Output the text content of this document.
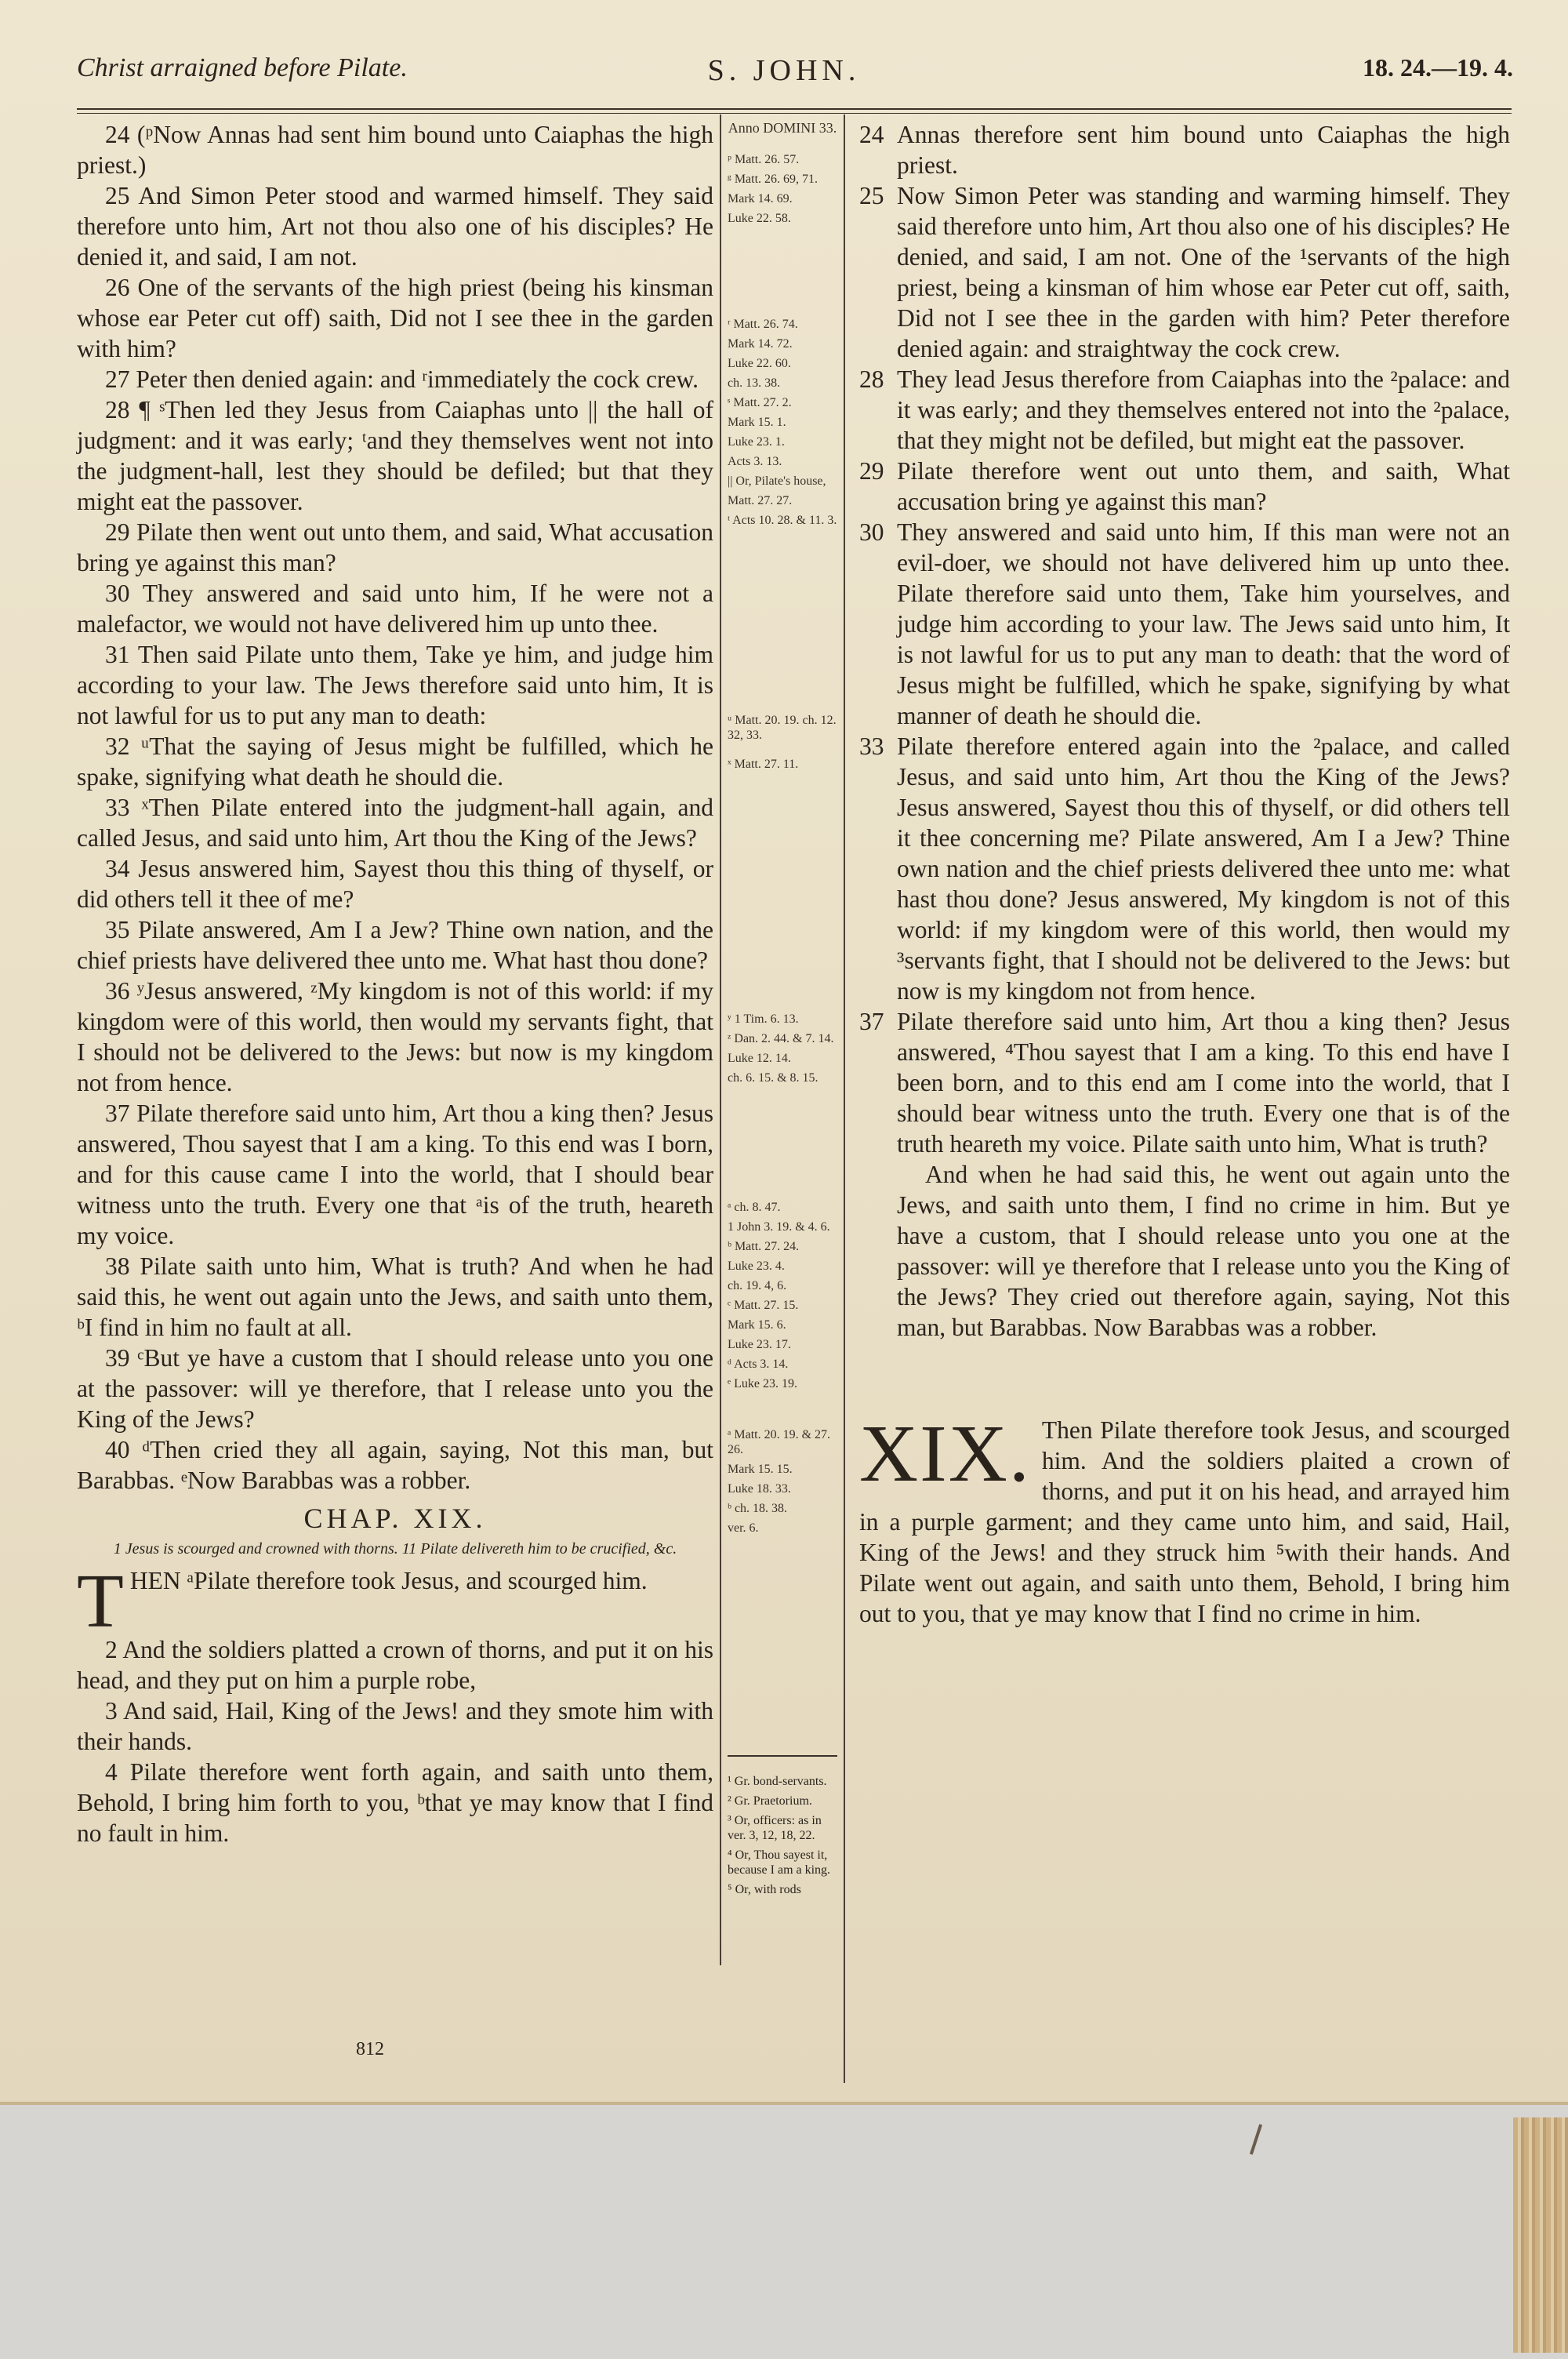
Christ arraigned before Pilate.	S. JOHN.	18. 24.—19. 4.

24 (ᵖNow Annas had sent him bound unto Caiaphas the high priest.)

25 And Simon Peter stood and warmed himself. They said therefore unto him, Art not thou also one of his disciples? He denied it, and said, I am not.

26 One of the servants of the high priest (being his kinsman whose ear Peter cut off) saith, Did not I see thee in the garden with him?

27 Peter then denied again: and ʳimmediately the cock crew.

28 ¶ ˢThen led they Jesus from Caiaphas unto || the hall of judgment: and it was early; ᵗand they themselves went not into the judgment-hall, lest they should be defiled; but that they might eat the passover.

29 Pilate then went out unto them, and said, What accusation bring ye against this man?

30 They answered and said unto him, If he were not a malefactor, we would not have delivered him up unto thee.

31 Then said Pilate unto them, Take ye him, and judge him according to your law. The Jews therefore said unto him, It is not lawful for us to put any man to death:

32 ᵘThat the saying of Jesus might be fulfilled, which he spake, signifying what death he should die.

33 ˣThen Pilate entered into the judgment-hall again, and called Jesus, and said unto him, Art thou the King of the Jews?

34 Jesus answered him, Sayest thou this thing of thyself, or did others tell it thee of me?

35 Pilate answered, Am I a Jew? Thine own nation, and the chief priests have delivered thee unto me. What hast thou done?

36 ʸJesus answered, ᶻMy kingdom is not of this world: if my kingdom were of this world, then would my servants fight, that I should not be delivered to the Jews: but now is my kingdom not from hence.

37 Pilate therefore said unto him, Art thou a king then? Jesus answered, Thou sayest that I am a king. To this end was I born, and for this cause came I into the world, that I should bear witness unto the truth. Every one that ᵃis of the truth, heareth my voice.

38 Pilate saith unto him, What is truth? And when he had said this, he went out again unto the Jews, and saith unto them, ᵇI find in him no fault at all.

39 ᶜBut ye have a custom that I should release unto you one at the passover: will ye therefore, that I release unto you the King of the Jews?

40 ᵈThen cried they all again, saying, Not this man, but Barabbas. ᵉNow Barabbas was a robber.

CHAP. XIX.
1 Jesus is scourged and crowned with thorns. 11 Pilate delivereth him to be crucified, &c.
T HEN ᵃPilate therefore took Jesus, and scourged him.

2 And the soldiers platted a crown of thorns, and put it on his head, and they put on him a purple robe,

3 And said, Hail, King of the Jews! and they smote him with their hands.

4 Pilate therefore went forth again, and saith unto them, Behold, I bring him forth to you, ᵇthat ye may know that I find no fault in him.

Anno DOMINI 33.
ᵖ Matt. 26. 57.
ᵍ Matt. 26. 69, 71.
Mark 14. 69.
Luke 22. 58.
ʳ Matt. 26. 74.
Mark 14. 72.
Luke 22. 60.
ch. 13. 38.
ˢ Matt. 27. 2.
Mark 15. 1.
Luke 23. 1.
Acts 3. 13.
|| Or, Pilate's house,
Matt. 27. 27.
ᵗ Acts 10. 28. & 11. 3.
ᵘ Matt. 20. 19. ch. 12. 32, 33.
ˣ Matt. 27. 11.
ʸ 1 Tim. 6. 13.
ᶻ Dan. 2. 44. & 7. 14.
Luke 12. 14.
ch. 6. 15. & 8. 15.
ᵃ ch. 8. 47.
1 John 3. 19. & 4. 6.
ᵇ Matt. 27. 24.
Luke 23. 4.
ch. 19. 4, 6.
ᶜ Matt. 27. 15.
Mark 15. 6.
Luke 23. 17.
ᵈ Acts 3. 14.
ᵉ Luke 23. 19.
ᵃ Matt. 20. 19. & 27. 26.
Mark 15. 15.
Luke 18. 33.
ᵇ ch. 18. 38.
ver. 6.
¹ Gr. bond-servants.
² Gr. Praetorium.
³ Or, officers: as in ver. 3, 12, 18, 22.
⁴ Or, Thou sayest it, because I am a king.
⁵ Or, with rods

24 Annas therefore sent him bound unto Caiaphas the high priest.

25 Now Simon Peter was standing and warming himself. They said therefore unto him, Art thou also one of his disciples? He denied, and said, I am not. One of the ¹servants of the high priest, being a kinsman of him whose ear Peter cut off, saith, Did not I see thee in the garden with him? Peter therefore denied again: and straightway the cock crew.

28 They lead Jesus therefore from Caiaphas into the ²palace: and it was early; and they themselves entered not into the ²palace, that they might not be defiled, but might eat the passover.

29 Pilate therefore went out unto them, and saith, What accusation bring ye against this man?

30 They answered and said unto him, If this man were not an evil-doer, we should not have delivered him up unto thee. Pilate therefore said unto them, Take him yourselves, and judge him according to your law. The Jews said unto him, It is not lawful for us to put any man to death: that the word of Jesus might be fulfilled, which he spake, signifying by what manner of death he should die.

33 Pilate therefore entered again into the ²palace, and called Jesus, and said unto him, Art thou the King of the Jews? Jesus answered, Sayest thou this of thyself, or did others tell it thee concerning me? Pilate answered, Am I a Jew? Thine own nation and the chief priests delivered thee unto me: what hast thou done? Jesus answered, My kingdom is not of this world: if my kingdom were of this world, then would my ³servants fight, that I should not be delivered to the Jews: but now is my kingdom not from hence.

37 Pilate therefore said unto him, Art thou a king then? Jesus answered, ⁴Thou sayest that I am a king. To this end have I been born, and to this end am I come into the world, that I should bear witness unto the truth. Every one that is of the truth heareth my voice. Pilate saith unto him, What is truth?

And when he had said this, he went out again unto the Jews, and saith unto them, I find no crime in him. But ye have a custom, that I should release unto you one at the passover: will ye therefore that I release unto you the King of the Jews? They cried out therefore again, saying, Not this man, but Barabbas. Now Barabbas was a robber.

XIX. Then Pilate therefore took Jesus, and scourged him. And the soldiers plaited a crown of thorns, and put it on his head, and arrayed him in a purple garment; and they came unto him, and said, Hail, King of the Jews! and they struck him ⁵with their hands. And Pilate went out again, and saith unto them, Behold, I bring him out to you, that ye may know that I find no crime in him.
812
